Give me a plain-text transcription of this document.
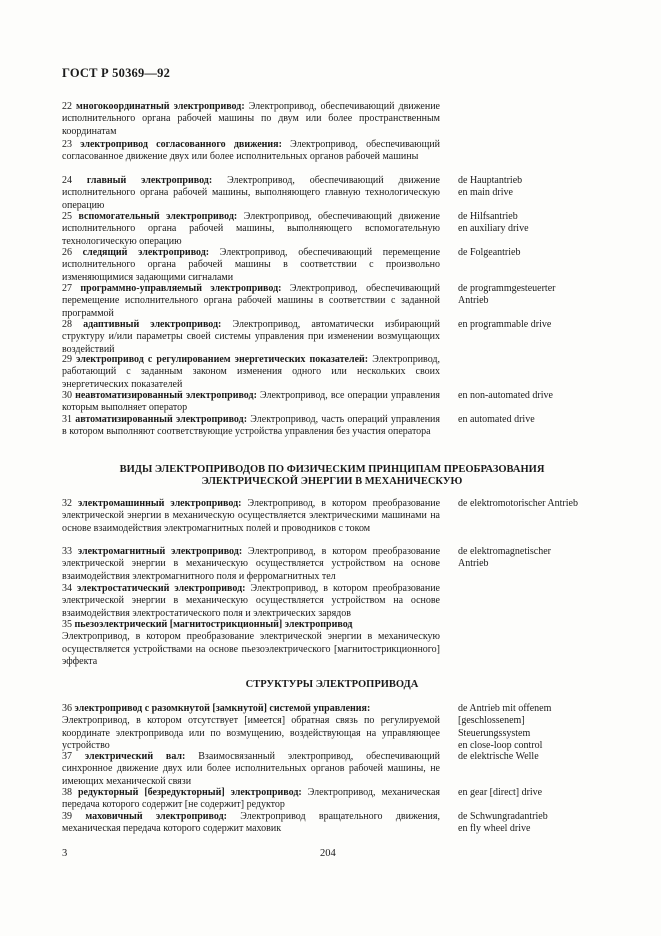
ГОСТ Р 50369—92
22 многокоординатный электропривод: Электропривод, обеспечивающий движение исполнительного органа рабочей машины по двум или более пространственным координатам
23 электропривод согласованного движения: Электропривод, обеспечивающий согласованное движение двух или более исполнительных органов рабочей машины
24 главный электропривод: Электропривод, обеспечивающий движение исполнительного органа рабочей машины, выполняющего главную технологическую операцию
de Hauptantrieb
en main drive
25 вспомогательный электропривод: Электропривод, обеспечивающий движение исполнительного органа рабочей машины, выполняющего вспомогательную технологическую операцию
de Hilfsantrieb
en auxiliary drive
26 следящий электропривод: Электропривод, обеспечивающий перемещение исполнительного органа рабочей машины в соответствии с произвольно изменяющимися задающими сигналами
de Folgeantrieb
27 программно-управляемый электропривод: Электропривод, обеспечивающий перемещение исполнительного органа рабочей машины в соответствии с заданной программой
de programmgesteuerter
Antrieb
28 адаптивный электропривод: Электропривод, автоматически избирающий структуру и/или параметры своей системы управления при изменении возмущающих воздействий
en programmable drive
29 электропривод с регулированием энергетических показателей: Электропривод, работающий с заданным законом изменения одного или нескольких своих энергетических показателей
30 неавтоматизированный электропривод: Электропривод, все операции управления которым выполняет оператор
en non-automated drive
31 автоматизированный электропривод: Электропривод, часть операций управления в котором выполняют соответствующие устройства управления без участия оператора
en automated drive
ВИДЫ ЭЛЕКТРОПРИВОДОВ ПО ФИЗИЧЕСКИМ ПРИНЦИПАМ ПРЕОБРАЗОВАНИЯ
ЭЛЕКТРИЧЕСКОЙ ЭНЕРГИИ В МЕХАНИЧЕСКУЮ
32 электромашинный электропривод: Электропривод, в котором преобразование электрической энергии в механическую осуществляется электрическими машинами на основе взаимодействия электромагнитных полей и проводников с током
de elektromotorischer Antrieb
33 электромагнитный электропривод: Электропривод, в котором преобразование электрической энергии в механическую осуществляется устройством на основе взаимодействия электромагнитного поля и ферромагнитных тел
de elektromagnetischer
Antrieb
34 электростатический электропривод: Электропривод, в котором преобразование электрической энергии в механическую осуществляется устройством на основе взаимодействия электростатического поля и электрических зарядов
35 пьезоэлектрический [магнитострикционный] электропривод
Электропривод, в котором преобразование электрической энергии в механическую осуществляется устройствами на основе пьезоэлектрического [магнитострикционного] эффекта
СТРУКТУРЫ ЭЛЕКТРОПРИВОДА
36 электропривод с разомкнутой [замкнутой] системой управления:
Электропривод, в котором отсутствует [имеется] обратная связь по регулируемой координате электропривода или по возмущению, воздействующая на управляющее устройство
de Antrieb mit offenem
[geschlossenem]
Steuerungssystem
en close-loop control
37 электрический вал: Взаимосвязанный электропривод, обеспечивающий синхронное движение двух или более исполнительных органов рабочей машины, не имеющих механической связи
de elektrische Welle
38 редукторный [безредукторный] электропривод: Электропривод, механическая передача которого содержит [не содержит] редуктор
en gear [direct] drive
39 маховичный электропривод: Электропривод вращательного движения, механическая передача которого содержит маховик
de Schwungradantrieb
en fly wheel drive
3	204
